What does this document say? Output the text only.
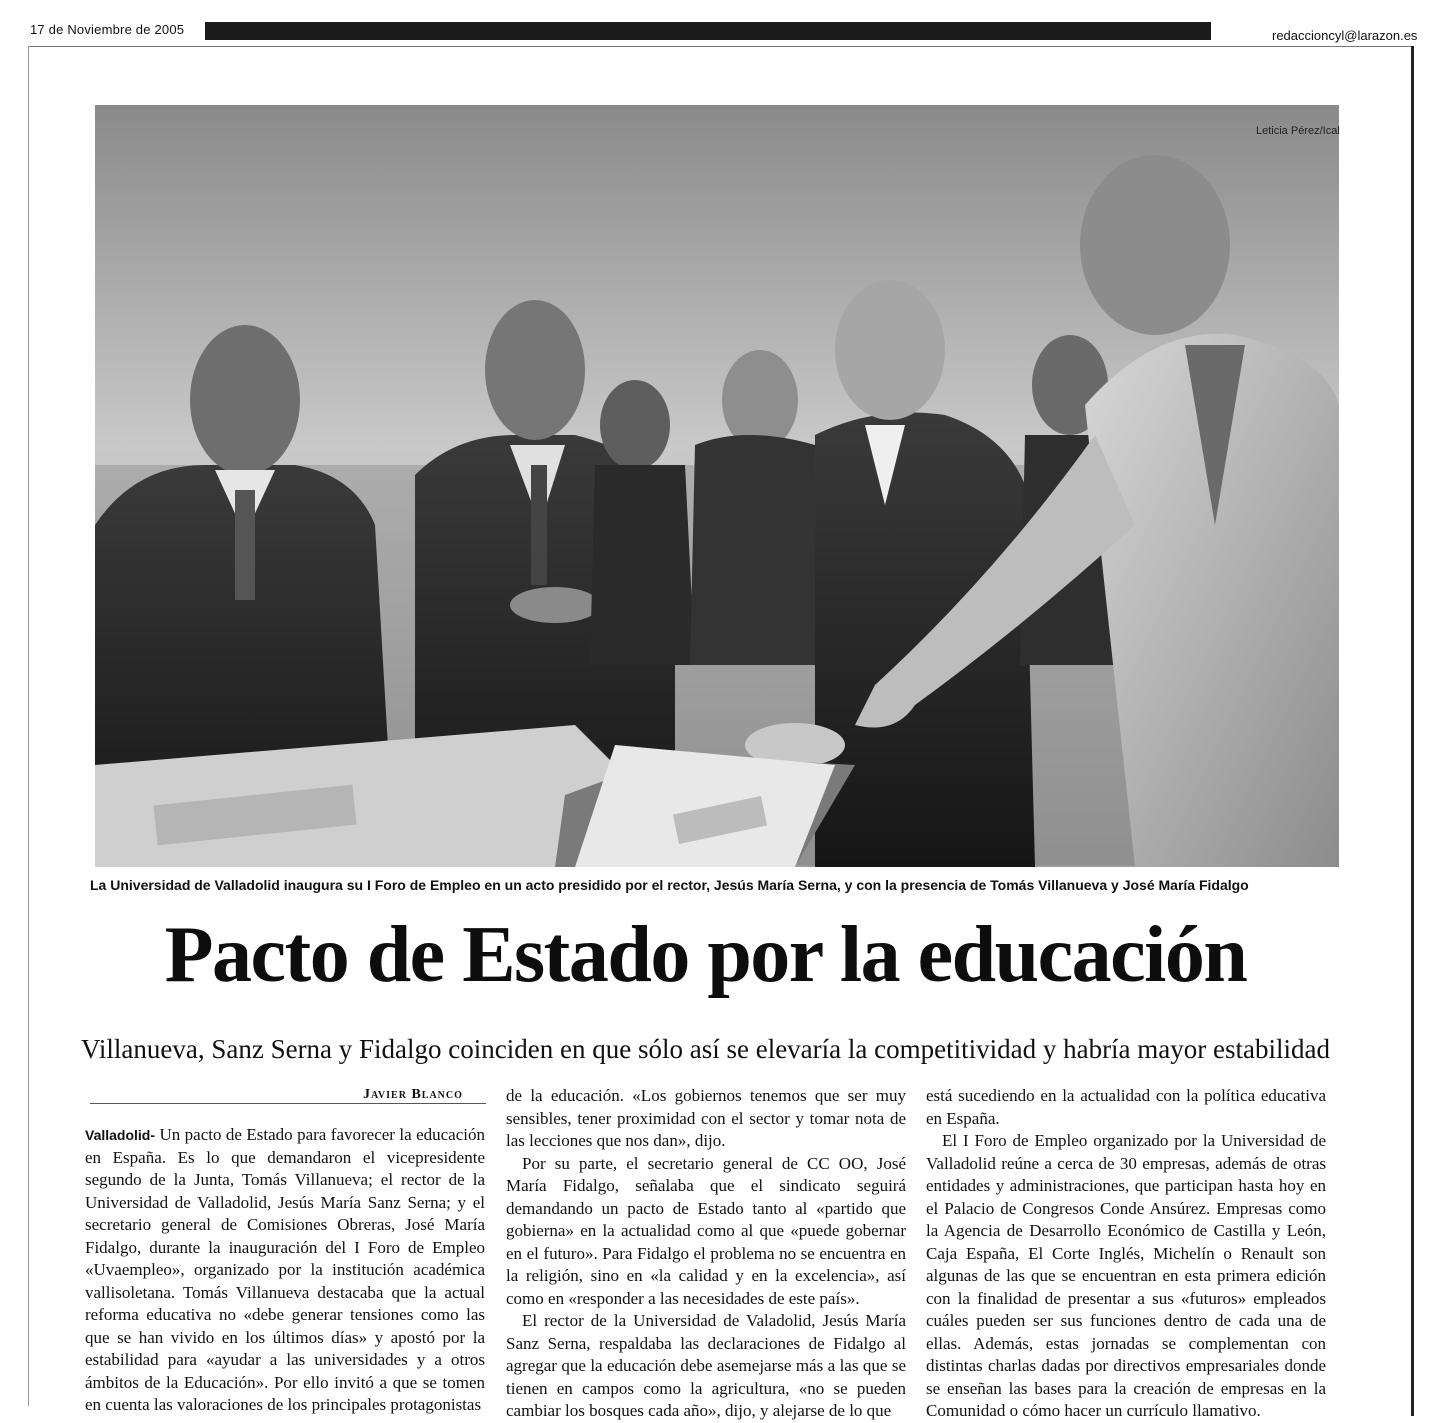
17 de Noviembre de 2005	redaccioncyl@larazon.es
Leticia Pérez/Ical
La Universidad de Valladolid inaugura su I Foro de Empleo en un acto presidido por el rector, Jesús María Serna, y con la presencia de Tomás Villanueva y José María Fidalgo
Pacto de Estado por la educación
Villanueva, Sanz Serna y Fidalgo coinciden en que sólo así se elevaría la competitividad y habría mayor estabilidad
Javier Blanco

Valladolid- Un pacto de Estado para favorecer la educación en España. Es lo que demandaron el vicepresidente segundo de la Junta, Tomás Villanueva; el rector de la Universidad de Valladolid, Jesús María Sanz Serna; y el secretario general de Comisiones Obreras, José María Fidalgo, durante la inauguración del I Foro de Empleo «Uvaempleo», organizado por la institución académica vallisoletana. Tomás Villanueva destacaba que la actual reforma educativa no «debe generar tensiones como las que se han vivido en los últimos días» y apostó por la estabilidad para «ayudar a las universidades y a otros ámbitos de la Educación». Por ello invitó a que se tomen en cuenta las valoraciones de los principales protagonistas

de la educación. «Los gobiernos tenemos que ser muy sensibles, tener proximidad con el sector y tomar nota de las lecciones que nos dan», dijo.

Por su parte, el secretario general de CC OO, José María Fidalgo, señalaba que el sindicato seguirá demandando un pacto de Estado tanto al «partido que gobierna» en la actualidad como al que «puede gobernar en el futuro». Para Fidalgo el problema no se encuentra en la religión, sino en «la calidad y en la excelencia», así como en «responder a las necesidades de este país».

El rector de la Universidad de Valadolid, Jesús María Sanz Serna, respaldaba las declaraciones de Fidalgo al agregar que la educación debe asemejarse más a las que se tienen en campos como la agricultura, «no se pueden cambiar los bosques cada año», dijo, y alejarse de lo que

está sucediendo en la actualidad con la política educativa en España.

El I Foro de Empleo organizado por la Universidad de Valladolid reúne a cerca de 30 empresas, además de otras entidades y administraciones, que participan hasta hoy en el Palacio de Congresos Conde Ansúrez. Empresas como la Agencia de Desarrollo Económico de Castilla y León, Caja España, El Corte Inglés, Michelín o Renault son algunas de las que se encuentran en esta primera edición con la finalidad de presentar a sus «futuros» empleados cuáles pueden ser sus funciones dentro de cada una de ellas. Además, estas jornadas se complementan con distintas charlas dadas por directivos empresariales donde se enseñan las bases para la creación de empresas en la Comunidad o cómo hacer un currículo llamativo.
